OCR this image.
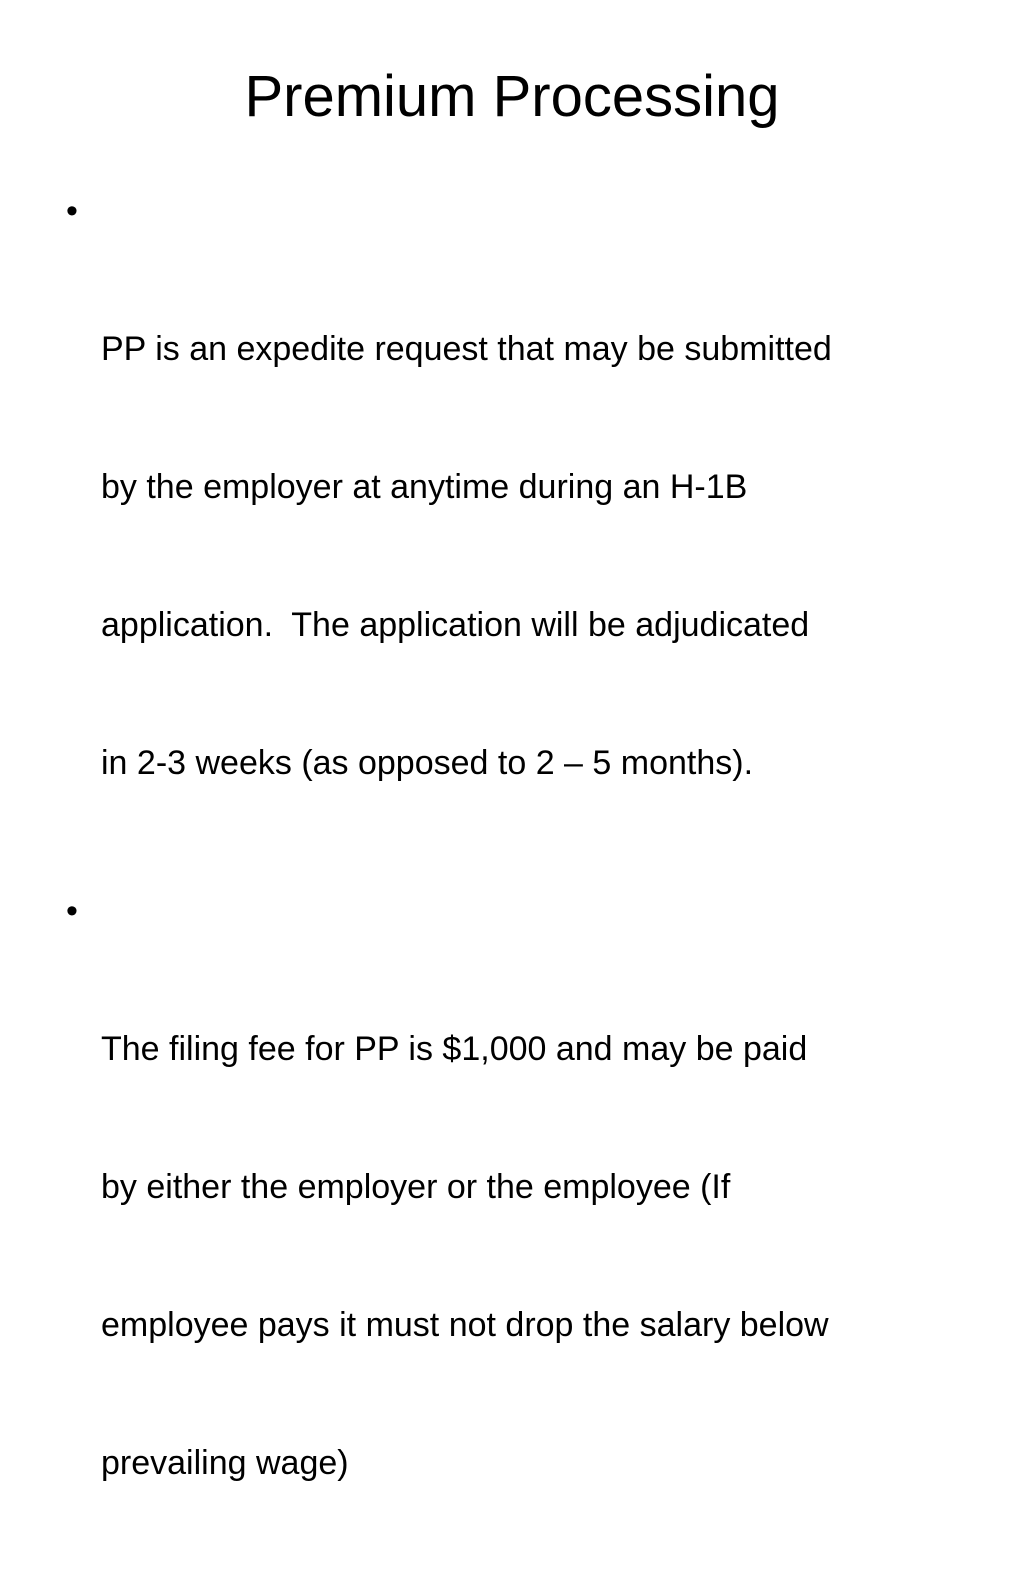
Premium Processing

•

PP is an expedite request that may be submitted

by the employer at anytime during an H-1B

application.  The application will be adjudicated

in 2-3 weeks (as opposed to 2 – 5 months).

•

The filing fee for PP is $1,000 and may be paid

by either the employer or the employee (If

employee pays it must not drop the salary below

prevailing wage)
